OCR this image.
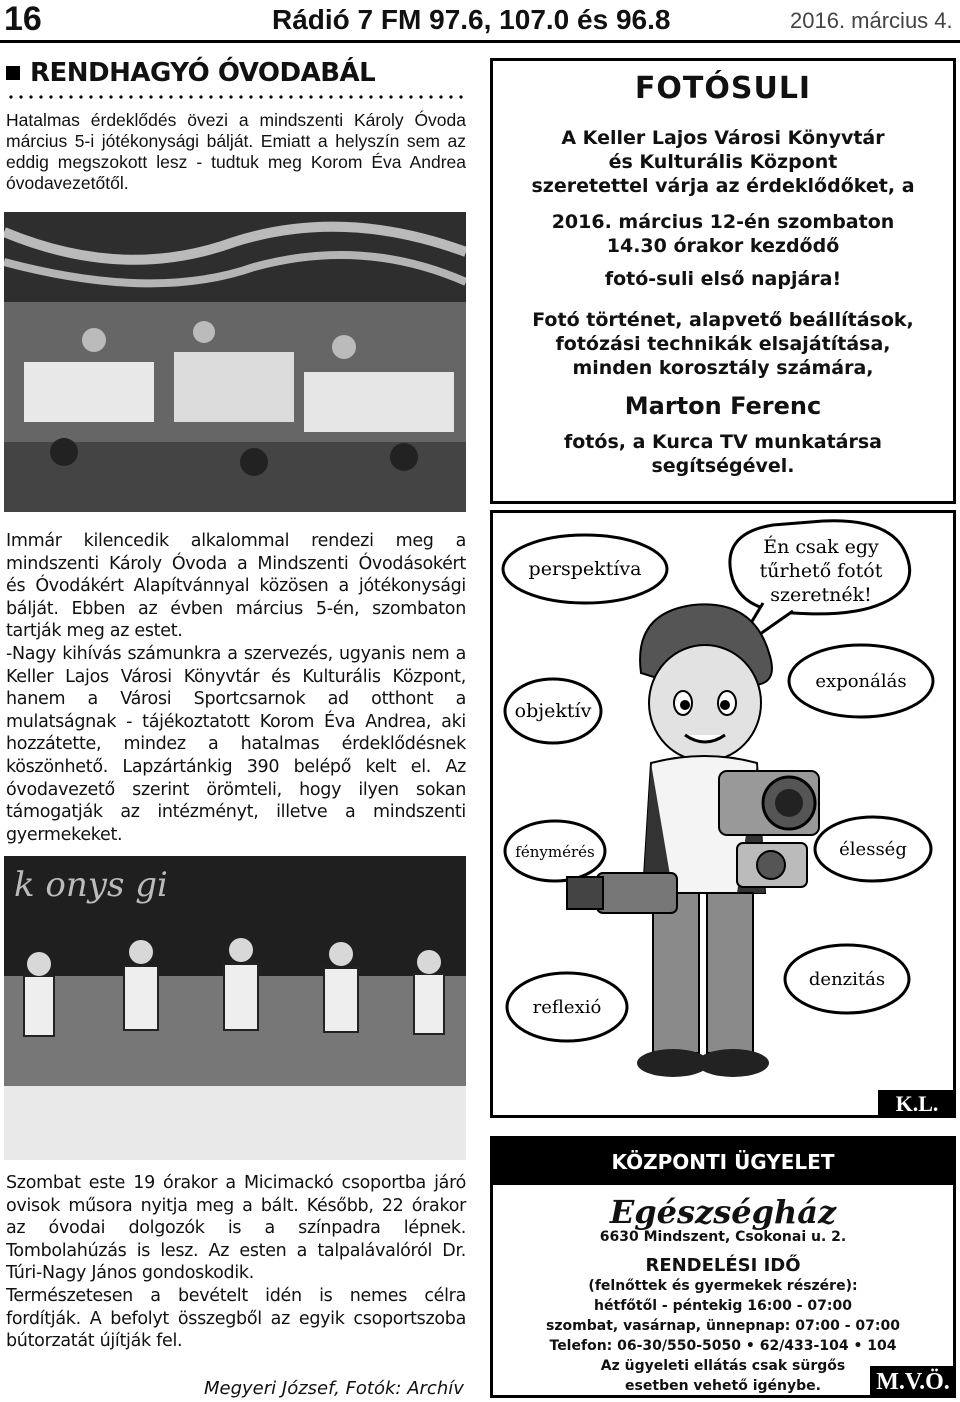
16	Rádió 7 FM 97.6, 107.0 és 96.8	2016. március 4.
RENDHAGYÓ ÓVODABÁL
Hatalmas érdeklődés övezi a mindszenti Károly Óvoda március 5-i jótékonysági bálját. Emiatt a helyszín sem az eddig megszokott lesz - tudtuk meg Korom Éva Andrea óvodavezetőtől.

Immár kilencedik alkalommal rendezi meg a mindszenti Károly Óvoda a Mindszenti Óvodásokért és Óvodákért Alapítvánnyal közösen a jótékonysági bálját. Ebben az évben március 5-én, szombaton tartják meg az estet.

-Nagy kihívás számunkra a szervezés, ugyanis nem a Keller Lajos Városi Könyvtár és Kulturális Központ, hanem a Városi Sportcsarnok ad otthont a mulatságnak - tájékoztatott Korom Éva Andrea, aki hozzátette, mindez a hatalmas érdeklődésnek köszönhető. Lapzártánkig 390 belépő kelt el. Az óvodavezető szerint örömteli, hogy ilyen sokan támogatják az intézményt, illetve a mindszenti gyermekeket.

k onys gi

Szombat este 19 órakor a Micimackó csoportba járó ovisok műsora nyitja meg a bált. Később, 22 órakor az óvodai dolgozók is a színpadra lépnek. Tombolahúzás is lesz. Az esten a talpalávalóról Dr. Túri-Nagy János gondoskodik.

Természetesen a bevételt idén is nemes célra fordítják. A befolyt összegből az egyik csoportszoba bútorzatát újítják fel.

Megyeri József, Fotók: Archív
FOTÓSULI
A Keller Lajos Városi Könyvtár
és Kulturális Központ
szeretettel várja az érdeklődőket, a
2016. március 12-én szombaton
14.30 órakor kezdődő
fotó-suli első napjára!
Fotó történet, alapvető beállítások,
fotózási technikák elsajátítása,
minden korosztály számára,
Marton Ferenc
fotós, a Kurca TV munkatársa
segítségével.
Én csak egy
tűrhető fotót
szeretnék!
perspektíva
objektív
exponálás
fénymérés	élesség
reflexió
denzitás
K.L.
KÖZPONTI ÜGYELET
Egészségház
6630 Mindszent, Csokonai u. 2.
RENDELÉSI IDŐ
(felnőttek és gyermekek részére):
hétfőtől - péntekig 16:00 - 07:00
szombat, vasárnap, ünnepnap: 07:00 - 07:00
Telefon: 06-30/550-5050 • 62/433-104 • 104
Az ügyeleti ellátás csak sürgős
esetben vehető igénybe.	M.V.Ö.
